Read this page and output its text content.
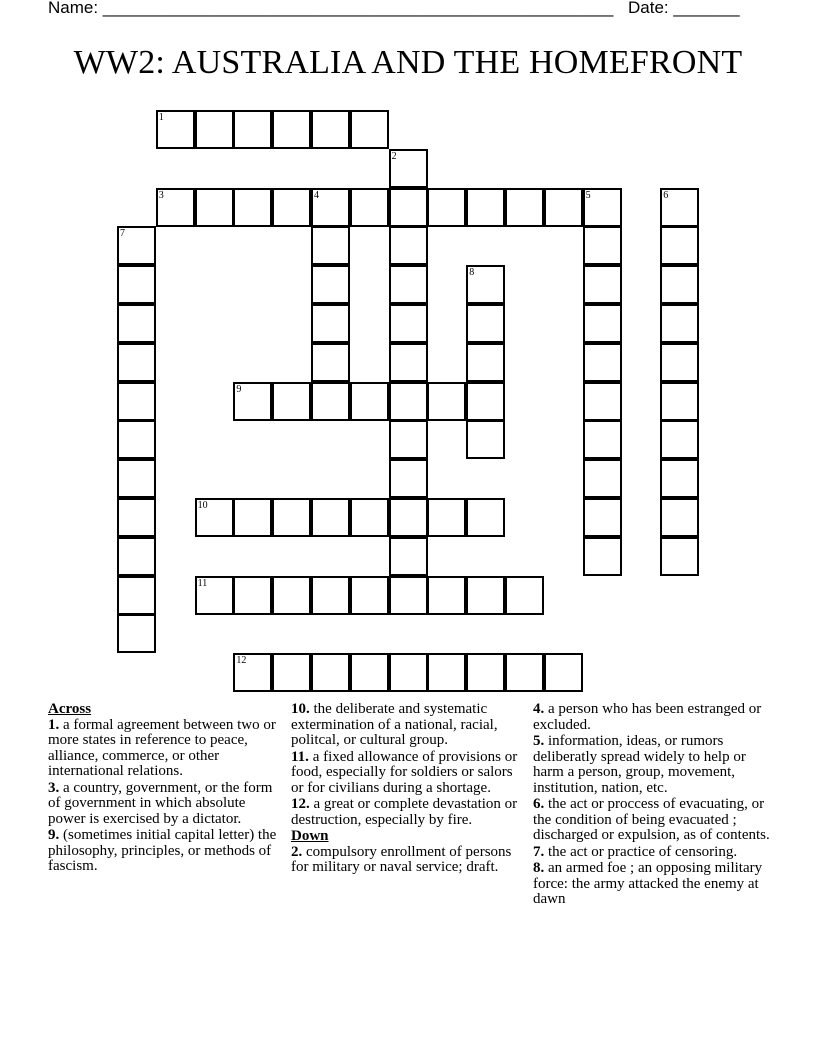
Name: ______________________________________________________ Date: _______
WW2: AUSTRALIA AND THE HOMEFRONT
1
2
3	4	5	6
7
8
9
10
11
12
Across
1. a formal agreement between two or more states in reference to peace, alliance, commerce, or other international relations.
3. a country, government, or the form of government in which absolute power is exercised by a dictator.
9. (sometimes initial capital letter) the philosophy, principles, or methods of fascism.
10. the deliberate and systematic extermination of a national, racial, politcal, or cultural group.
11. a fixed allowance of provisions or food, especially for soldiers or salors or for civilians during a shortage.
12. a great or complete devastation or destruction, especially by fire.
Down
2. compulsory enrollment of persons for military or naval service; draft.
4. a person who has been estranged or excluded.
5. information, ideas, or rumors deliberatly spread widely to help or harm a person, group, movement, institution, nation, etc.
6. the act or proccess of evacuating, or the condition of being evacuated ; discharged or expulsion, as of contents.
7. the act or practice of censoring.
8. an armed foe ; an opposing military force: the army attacked the enemy at dawn
